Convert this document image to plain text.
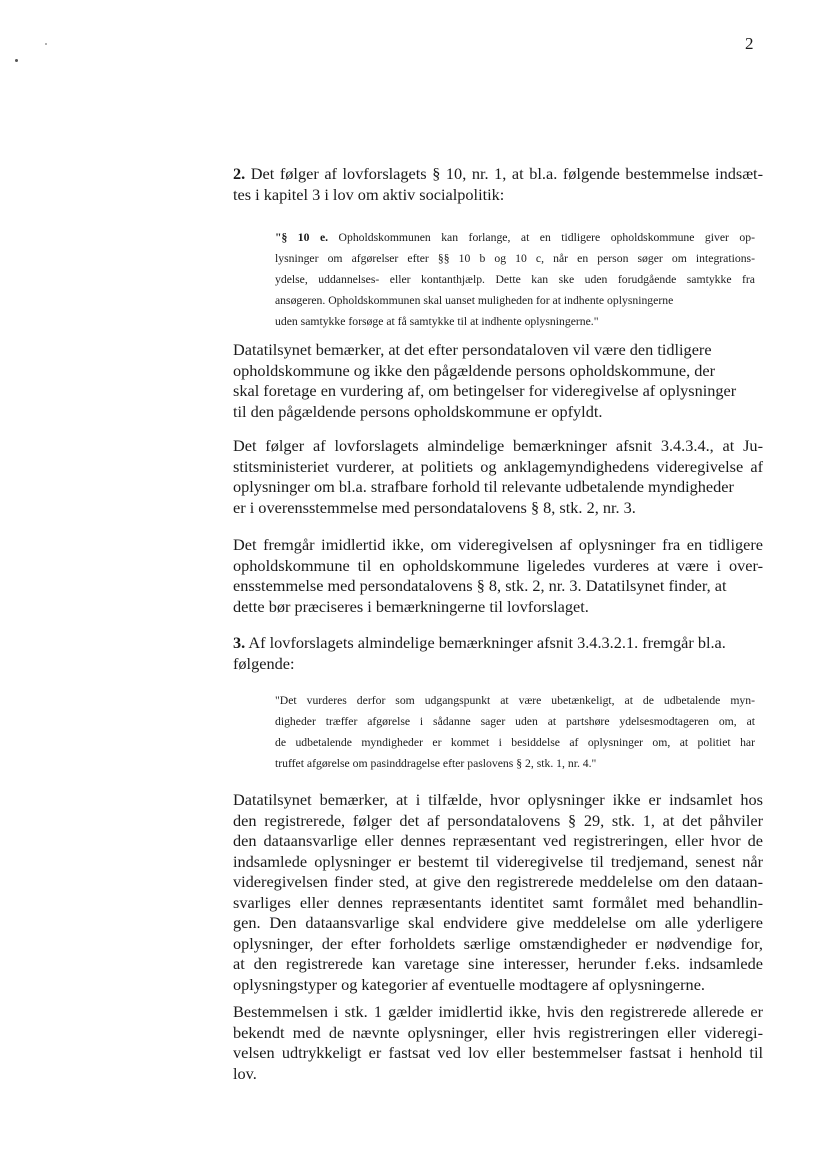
2

2. Det følger af lovforslagets § 10, nr. 1, at bl.a. følgende bestemmelse indsæt-
tes i kapitel 3 i lov om aktiv socialpolitik:

"§ 10 e. Opholdskommunen kan forlange, at en tidligere opholdskommune giver op-
lysninger om afgørelser efter §§ 10 b og 10 c, når en person søger om integrations-
ydelse, uddannelses- eller kontanthjælp. Dette kan ske uden forudgående samtykke fra
ansøgeren. Opholdskommunen skal uanset muligheden for at indhente oplysningerne
uden samtykke forsøge at få samtykke til at indhente oplysningerne."

Datatilsynet bemærker, at det efter persondataloven vil være den tidligere
opholdskommune og ikke den pågældende persons opholdskommune, der
skal foretage en vurdering af, om betingelser for videregivelse af oplysninger
til den pågældende persons opholdskommune er opfyldt.

Det følger af lovforslagets almindelige bemærkninger afsnit 3.4.3.4., at Ju-
stitsministeriet vurderer, at politiets og anklagemyndighedens videregivelse af
oplysninger om bl.a. strafbare forhold til relevante udbetalende myndigheder
er i overensstemmelse med persondatalovens § 8, stk. 2, nr. 3.

Det fremgår imidlertid ikke, om videregivelsen af oplysninger fra en tidligere
opholdskommune til en opholdskommune ligeledes vurderes at være i over-
ensstemmelse med persondatalovens § 8, stk. 2, nr. 3. Datatilsynet finder, at
dette bør præciseres i bemærkningerne til lovforslaget.

3. Af lovforslagets almindelige bemærkninger afsnit 3.4.3.2.1. fremgår bl.a.
følgende:

"Det vurderes derfor som udgangspunkt at være ubetænkeligt, at de udbetalende myn-
digheder træffer afgørelse i sådanne sager uden at partshøre ydelsesmodtageren om, at
de udbetalende myndigheder er kommet i besiddelse af oplysninger om, at politiet har
truffet afgørelse om pasinddragelse efter paslovens § 2, stk. 1, nr. 4."

Datatilsynet bemærker, at i tilfælde, hvor oplysninger ikke er indsamlet hos
den registrerede, følger det af persondatalovens § 29, stk. 1, at det påhviler
den dataansvarlige eller dennes repræsentant ved registreringen, eller hvor de
indsamlede oplysninger er bestemt til videregivelse til tredjemand, senest når
videregivelsen finder sted, at give den registrerede meddelelse om den dataan-
svarliges eller dennes repræsentants identitet samt formålet med behandlin-
gen. Den dataansvarlige skal endvidere give meddelelse om alle yderligere
oplysninger, der efter forholdets særlige omstændigheder er nødvendige for,
at den registrerede kan varetage sine interesser, herunder f.eks. indsamlede
oplysningstyper og kategorier af eventuelle modtagere af oplysningerne.

Bestemmelsen i stk. 1 gælder imidlertid ikke, hvis den registrerede allerede er
bekendt med de nævnte oplysninger, eller hvis registreringen eller videregi-
velsen udtrykkeligt er fastsat ved lov eller bestemmelser fastsat i henhold til
lov.
